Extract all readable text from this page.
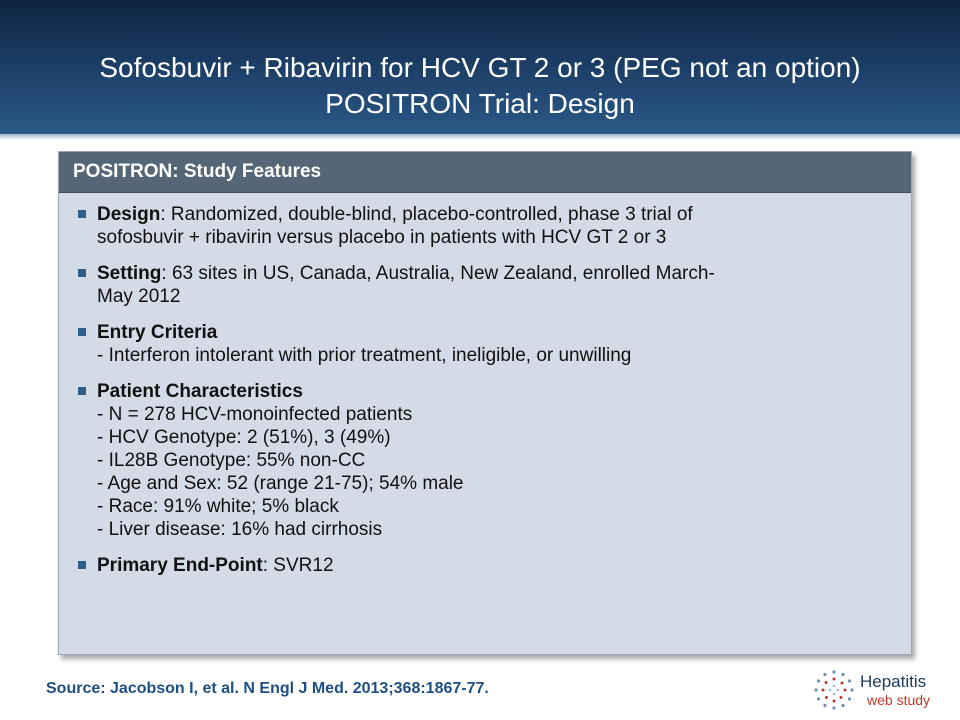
Sofosbuvir + Ribavirin for HCV GT 2 or 3 (PEG not an option)
POSITRON Trial: Design
POSITRON: Study Features
Design: Randomized, double-blind, placebo-controlled, phase 3 trial of
sofosbuvir + ribavirin versus placebo in patients with HCV GT 2 or 3
Setting: 63 sites in US, Canada, Australia, New Zealand, enrolled March-
May 2012
Entry Criteria
- Interferon intolerant with prior treatment, ineligible, or unwilling
Patient Characteristics
- N = 278 HCV-monoinfected patients
- HCV Genotype: 2 (51%), 3 (49%)
- IL28B Genotype: 55% non-CC
- Age and Sex: 52 (range 21-75); 54% male
- Race: 91% white; 5% black
- Liver disease: 16% had cirrhosis
Primary End-Point: SVR12
Source: Jacobson I, et al. N Engl J Med. 2013;368:1867-77.	Hepatitis
web study
